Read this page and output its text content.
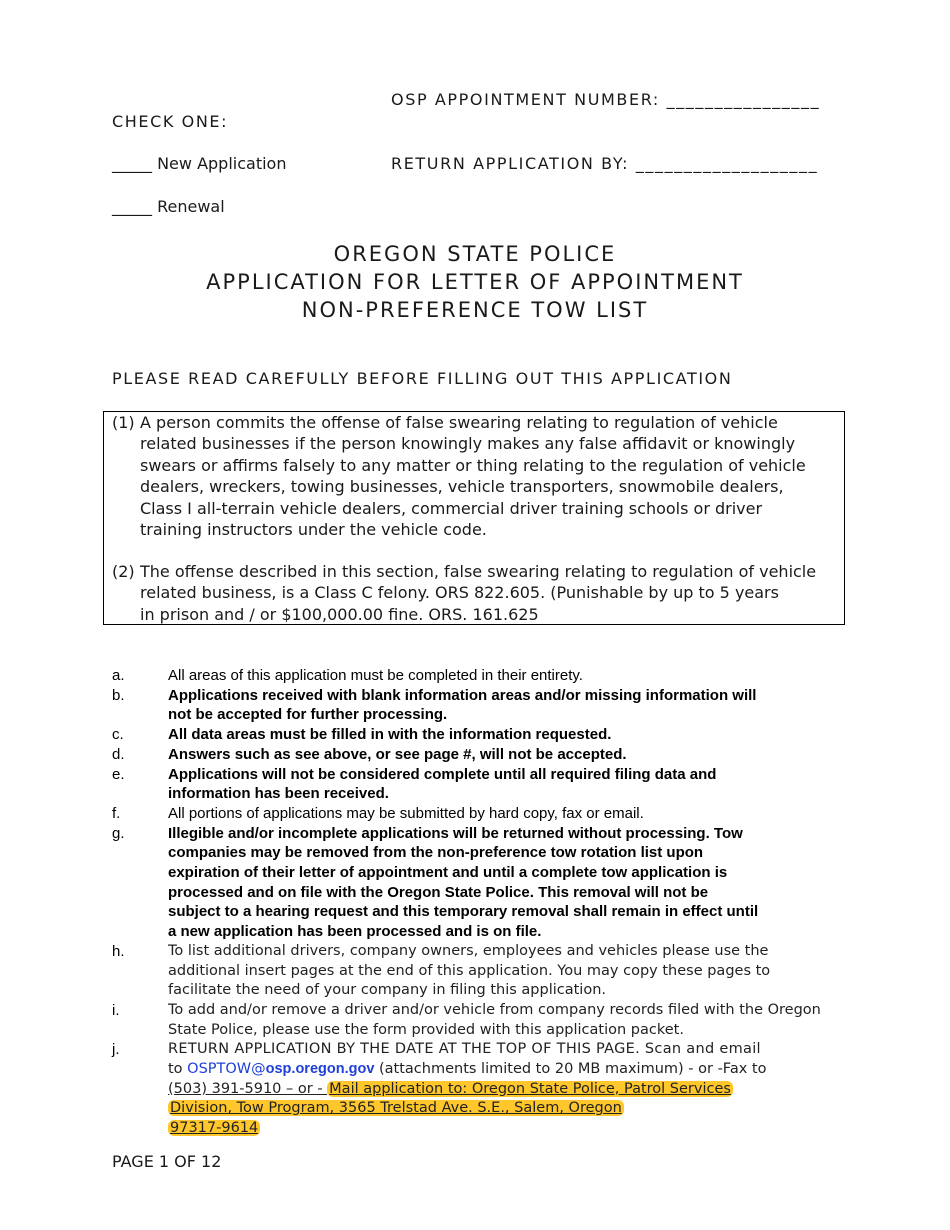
OSP APPOINTMENT NUMBER: ________________
CHECK ONE:
_____ New Application	RETURN APPLICATION BY: ___________________
_____ Renewal
OREGON STATE POLICE
APPLICATION FOR LETTER OF APPOINTMENT
NON-PREFERENCE TOW LIST
PLEASE READ CAREFULLY BEFORE FILLING OUT THIS APPLICATION
(1) A person commits the offense of false swearing relating to regulation of vehicle
related businesses if the person knowingly makes any false affidavit or knowingly
swears or affirms falsely to any matter or thing relating to the regulation of vehicle
dealers, wreckers, towing businesses, vehicle transporters, snowmobile dealers,
Class I all-terrain vehicle dealers, commercial driver training schools or driver
training instructors under the vehicle code.
(2) The offense described in this section, false swearing relating to regulation of vehicle
related business, is a Class C felony. ORS 822.605. (Punishable by up to 5 years
in prison and / or $100,000.00 fine. ORS. 161.625
a.	All areas of this application must be completed in their entirety.
b.	Applications received with blank information areas and/or missing information will
not be accepted for further processing.
c.	All data areas must be filled in with the information requested.
d.	Answers such as see above, or see page #, will not be accepted.
e.	Applications will not be considered complete until all required filing data and
information has been received.
f.	All portions of applications may be submitted by hard copy, fax or email.
g.	Illegible and/or incomplete applications will be returned without processing. Tow
companies may be removed from the non-preference tow rotation list upon
expiration of their letter of appointment and until a complete tow application is
processed and on file with the Oregon State Police. This removal will not be
subject to a hearing request and this temporary removal shall remain in effect until
a new application has been processed and is on file.
h.	To list additional drivers, company owners, employees and vehicles please use the
additional insert pages at the end of this application. You may copy these pages to
facilitate the need of your company in filing this application.
i.	To add and/or remove a driver and/or vehicle from company records filed with the Oregon
State Police, please use the form provided with this application packet.
j.	RETURN APPLICATION BY THE DATE AT THE TOP OF THIS PAGE. Scan and email
to OSPTOW@osp.oregon.gov (attachments limited to 20 MB maximum) - or -Fax to
(503) 391-5910 – or - Mail application to: Oregon State Police, Patrol Services
Division, Tow Program, 3565 Trelstad Ave. S.E., Salem, Oregon
97317-9614
PAGE 1 OF 12
